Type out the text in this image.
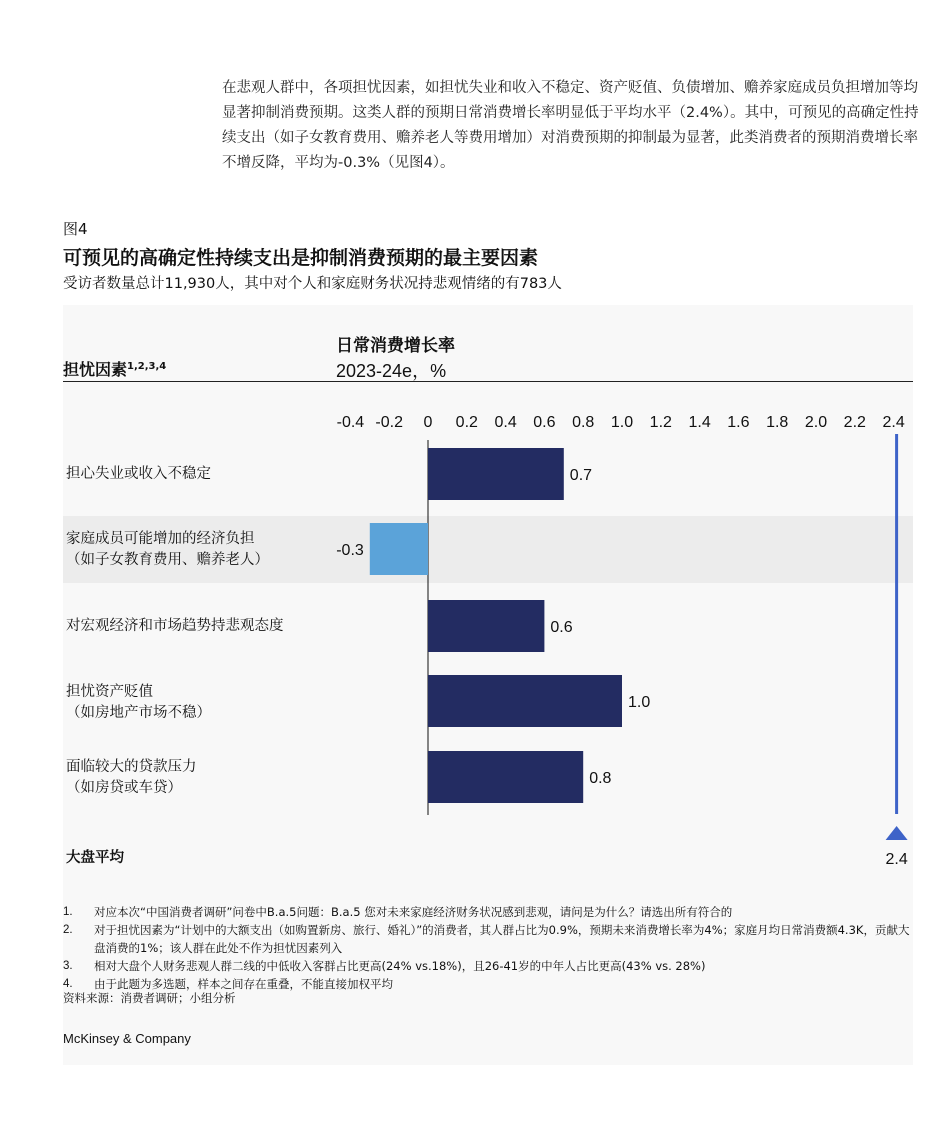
在悲观人群中，各项担忧因素，如担忧失业和收入不稳定、资产贬值、负债增加、赡养家庭成员负担增加等均显著抑制消费预期。这类人群的预期日常消费增长率明显低于平均水平（2.4%）。其中，可预见的高确定性持续支出（如子女教育费用、赡养老人等费用增加）对消费预期的抑制最为显著，此类消费者的预期消费增长率不增反降，平均为-0.3%（见图4）。

图4
可预见的高确定性持续支出是抑制消费预期的最主要因素
受访者数量总计11,930人，其中对个人和家庭财务状况持悲观情绪的有783人
日常消费增长率
2023-24e，%
担忧因素$^{1,2,3,4}$
担心失业或收入不稳定
家庭成员可能增加的经济负担
（如子女教育费用、赡养老人）
对宏观经济和市场趋势持悲观态度
担忧资产贬值
（如房地产市场不稳）
面临较大的贷款压力
（如房贷或车贷）
大盘平均
-0.4 -0.2 0 0.2 0.4 0.6 0.8 1.0 1.2 1.4 1.6 1.8 2.0 2.2 2.4
0.7
-0.3
0.6
1.0
0.8
2.4
1.	对应本次“中国消费者调研”问卷中B.a.5问题：B.a.5 您对未来家庭经济财务状况感到悲观，请问是为什么？请选出所有符合的
2.	对于担忧因素为“计划中的大额支出（如购置新房、旅行、婚礼）”的消费者，其人群占比为0.9%，预期未来消费增长率为4%；家庭月均日常消费额4.3K，贡献大盘消费的1%；该人群在此处不作为担忧因素列入
3.	相对大盘个人财务悲观人群二线的中低收入客群占比更高(24% vs.18%)，且26-41岁的中年人占比更高(43% vs. 28%)
4.	由于此题为多选题，样本之间存在重叠，不能直接加权平均
资料来源：消费者调研；小组分析
McKinsey & Company
